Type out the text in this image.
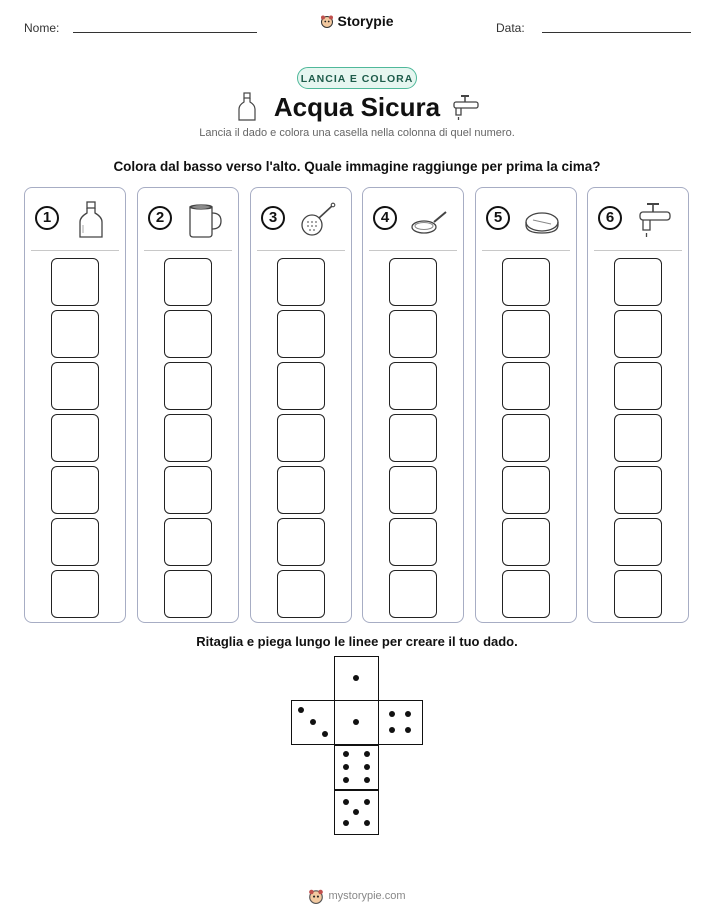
Nome:	Storypie	Data:
LANCIA E COLORA
Acqua Sicura
Lancia il dado e colora una casella nella colonna di quel numero.
Colora dal basso verso l'alto. Quale immagine raggiunge per prima la cima?
1	2	3	4	5	6
Ritaglia e piega lungo le linee per creare il tuo dado.
mystorypie.com
